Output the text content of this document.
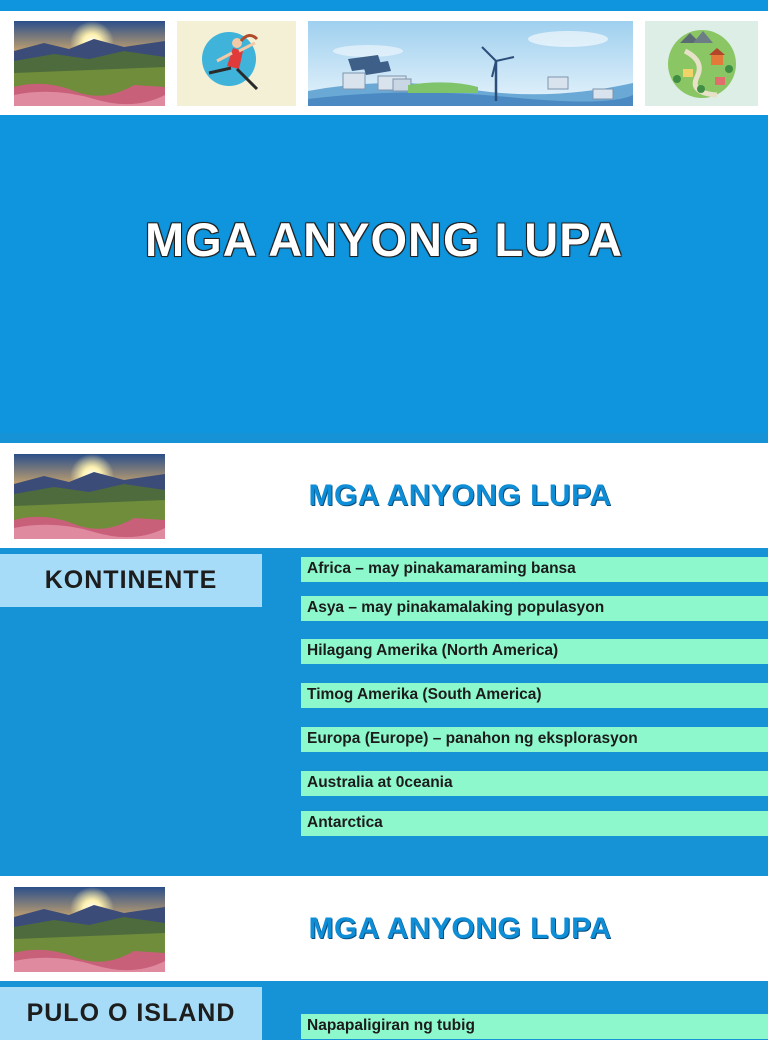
MGA ANYONG LUPA
MGA ANYONG LUPA
KONTINENTE	Africa – may pinakamaraming bansa
Asya – may pinakamalaking populasyon
Hilagang Amerika (North America)
Timog Amerika (South America)
Europa (Europe) – panahon ng eksplorasyon
Australia at 0ceania
Antarctica
MGA ANYONG LUPA
PULO O ISLAND	Napapaligiran ng tubig
